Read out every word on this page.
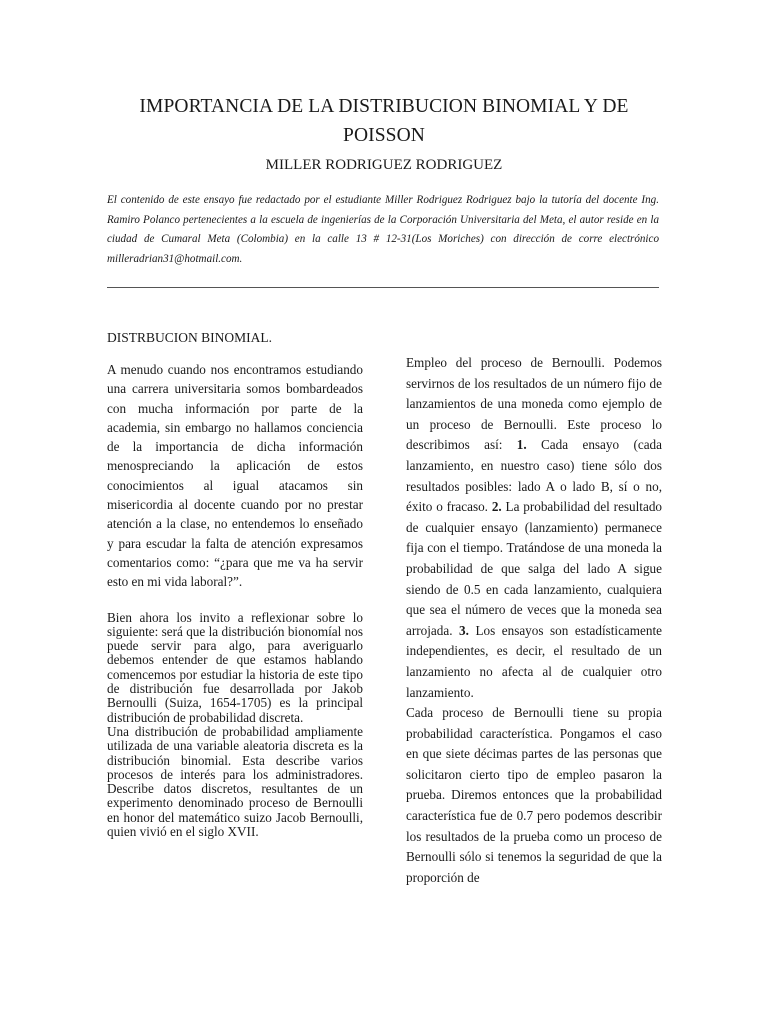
IMPORTANCIA DE LA DISTRIBUCION BINOMIAL Y DE POISSON
MILLER RODRIGUEZ RODRIGUEZ

El contenido de este ensayo fue redactado por el estudiante Miller Rodriguez Rodriguez bajo la tutoría del docente Ing. Ramiro Polanco pertenecientes a la escuela de ingenierías de la Corporación Universitaria del Meta, el autor reside en la ciudad de Cumaral Meta (Colombia) en la calle 13 # 12-31(Los Moriches) con dirección de corre electrónico milleradrian31@hotmail.com.

DISTRBUCION BINOMIAL.

A menudo cuando nos encontramos estudiando una carrera universitaria somos bombardeados con mucha información por parte de la academia, sin embargo no hallamos conciencia de la importancia de dicha información menospreciando la aplicación de estos conocimientos al igual atacamos sin misericordia al docente cuando por no prestar atención a la clase, no entendemos lo enseñado y para escudar la falta de atención expresamos comentarios como: “¿para que me va ha servir esto en mi vida laboral?”.

Bien ahora los invito a reflexionar sobre lo siguiente: será que la distribución bionomíal nos puede servir para algo, para averiguarlo debemos entender de que estamos hablando comencemos por estudiar la historia de este tipo de distribución fue desarrollada por Jakob Bernoulli (Suiza, 1654-1705) es la principal distribución de probabilidad discreta.

Una distribución de probabilidad ampliamente utilizada de una variable aleatoria discreta es la distribución binomial. Esta describe varios procesos de interés para los administradores. Describe datos discretos, resultantes de un experimento denominado proceso de Bernoulli en honor del matemático suizo Jacob Bernoulli, quien vivió en el siglo XVII.

Empleo del proceso de Bernoulli. Podemos servirnos de los resultados de un número fijo de lanzamientos de una moneda como ejemplo de un proceso de Bernoulli. Este proceso lo describimos así: 1. Cada ensayo (cada lanzamiento, en nuestro caso) tiene sólo dos resultados posibles: lado A o lado B, sí o no, éxito o fracaso. 2. La probabilidad del resultado de cualquier ensayo (lanzamiento) permanece fija con el tiempo. Tratándose de una moneda la probabilidad de que salga del lado A sigue siendo de 0.5 en cada lanzamiento, cualquiera que sea el número de veces que la moneda sea arrojada. 3. Los ensayos son estadísticamente independientes, es decir, el resultado de un lanzamiento no afecta al de cualquier otro lanzamiento.

Cada proceso de Bernoulli tiene su propia probabilidad característica. Pongamos el caso en que siete décimas partes de las personas que solicitaron cierto tipo de empleo pasaron la prueba. Diremos entonces que la probabilidad característica fue de 0.7 pero podemos describir los resultados de la prueba como un proceso de Bernoulli sólo si tenemos la seguridad de que la proporción de
